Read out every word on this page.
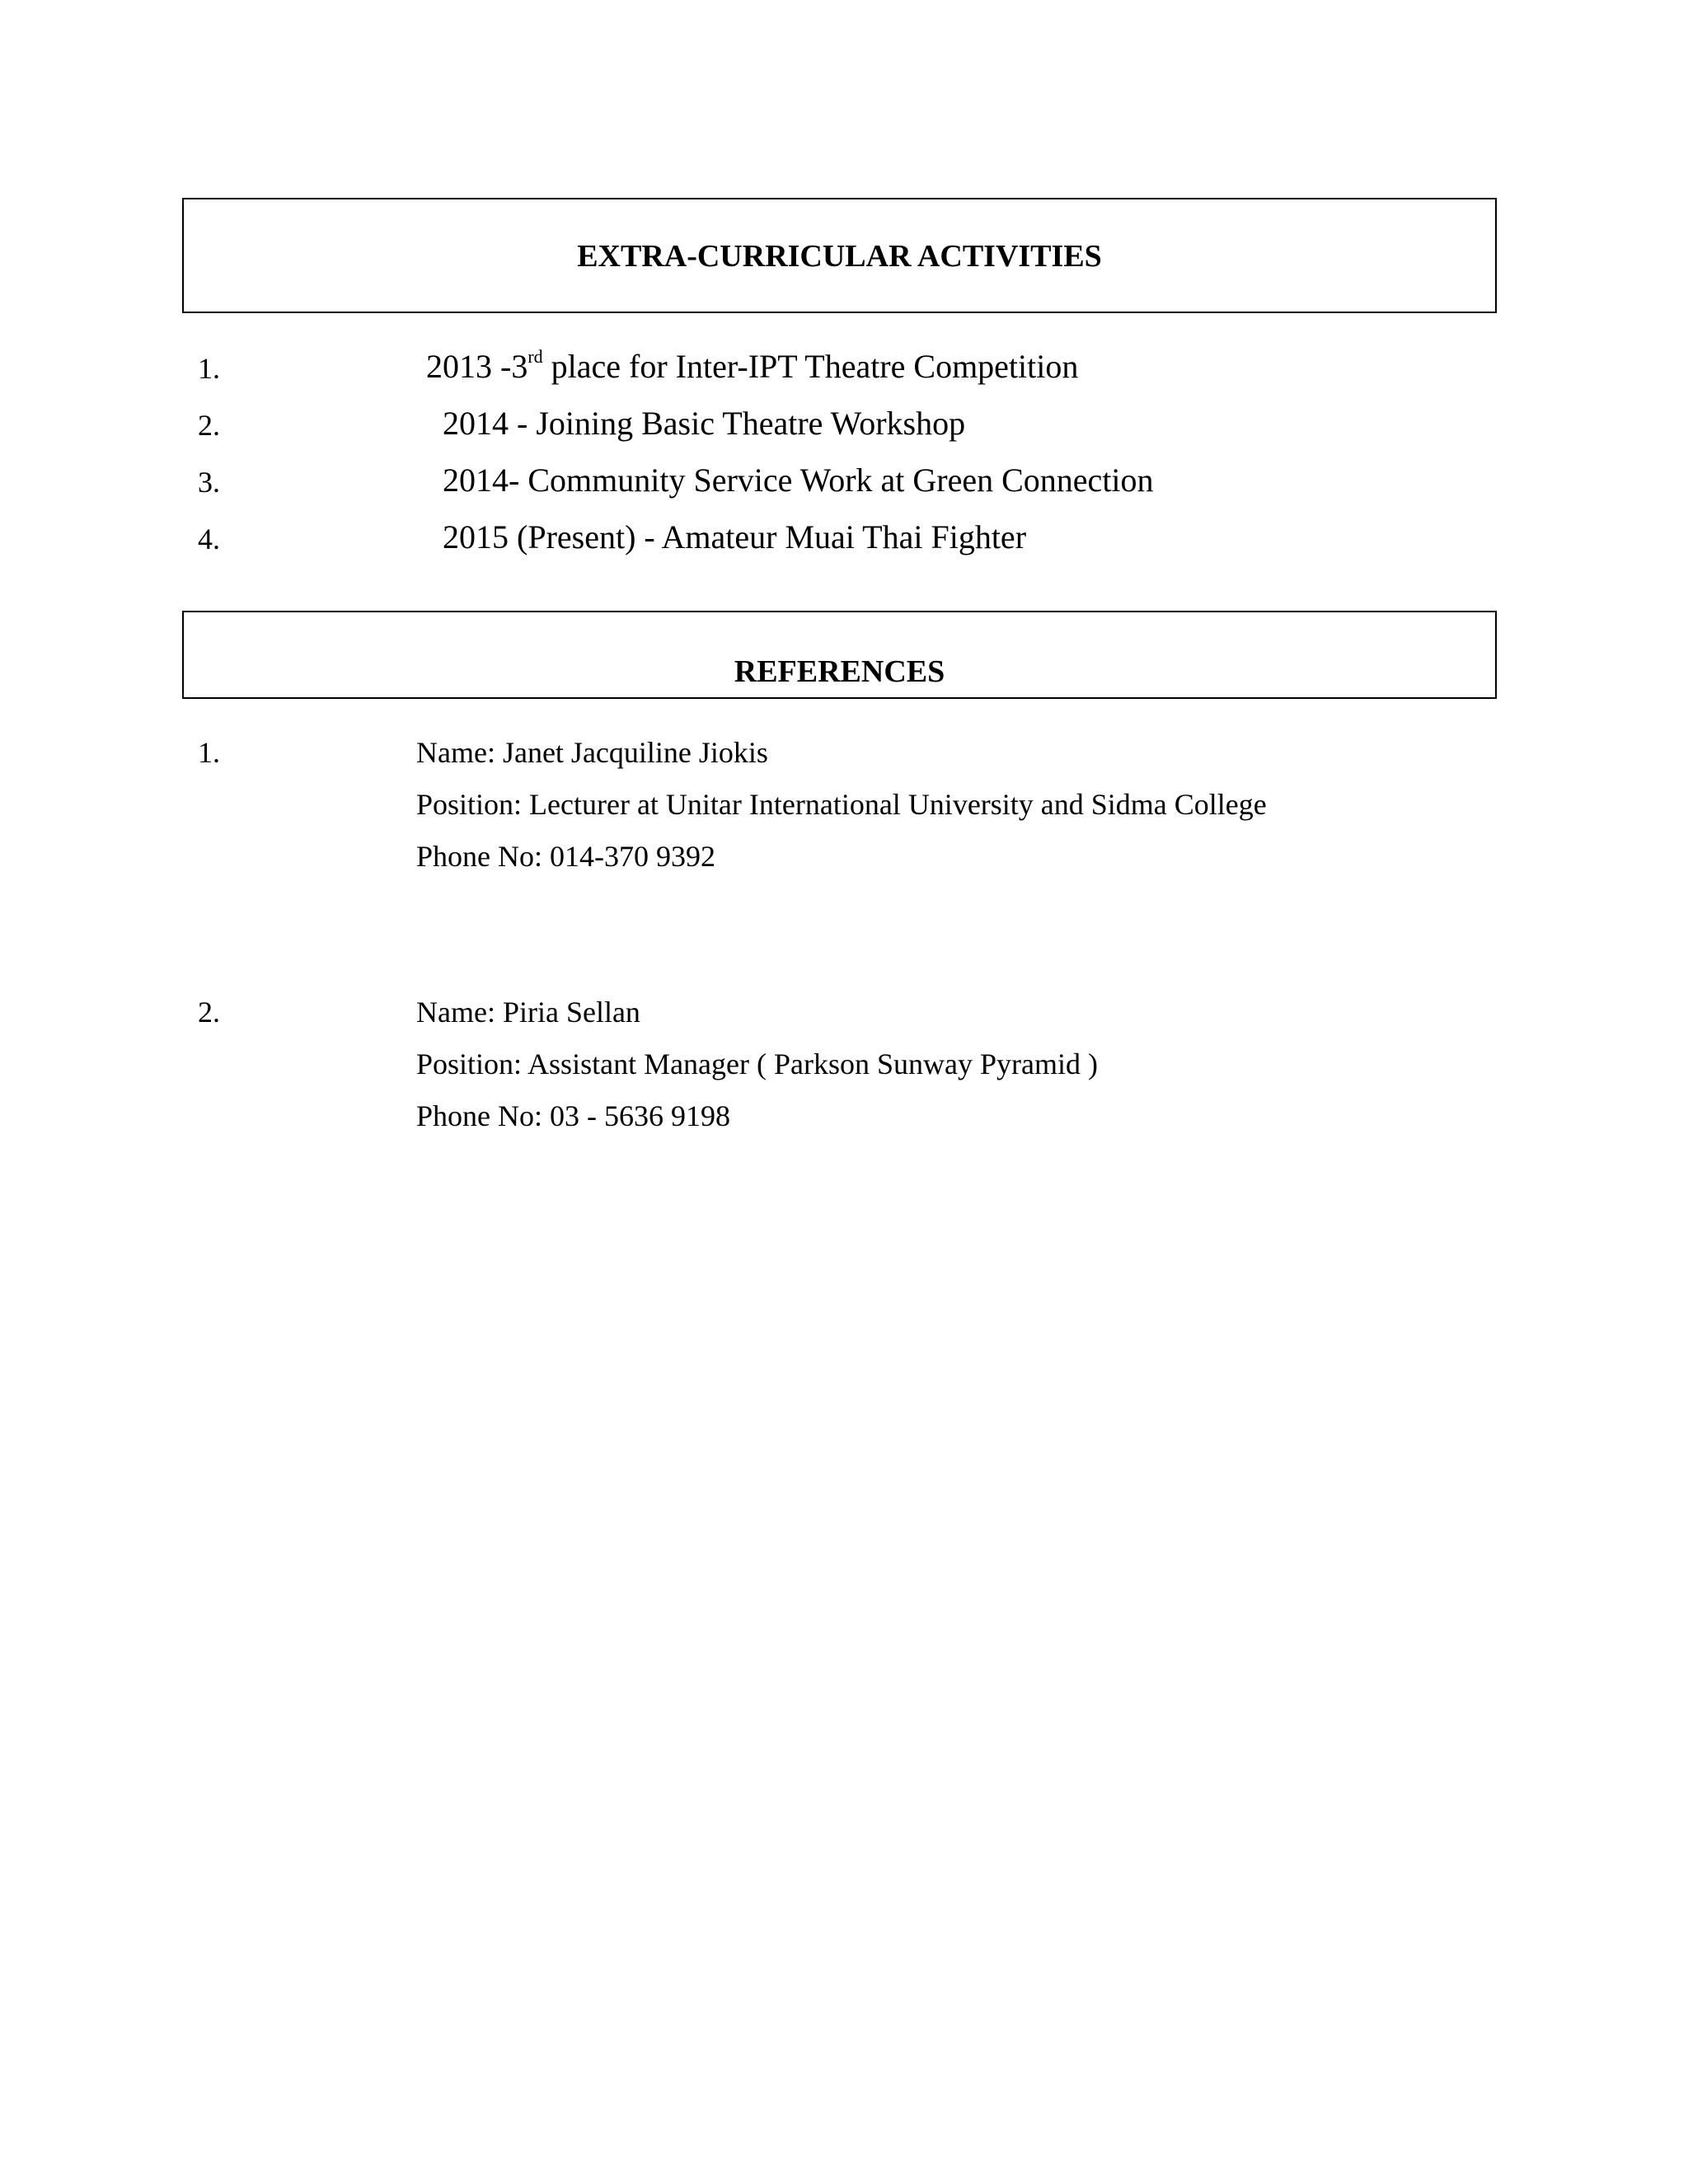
EXTRA-CURRICULAR ACTIVITIES
1.	2013 -3rd place for Inter-IPT Theatre Competition
2.	2014 - Joining Basic Theatre Workshop
3.	2014- Community Service Work at Green Connection
4.	2015 (Present) - Amateur Muai Thai Fighter
REFERENCES
1.	Name: Janet Jacquiline Jiokis
Position: Lecturer at Unitar International University and Sidma College
Phone No: 014-370 9392
2.	Name: Piria Sellan
Position: Assistant Manager ( Parkson Sunway Pyramid )
Phone No: 03 - 5636 9198
